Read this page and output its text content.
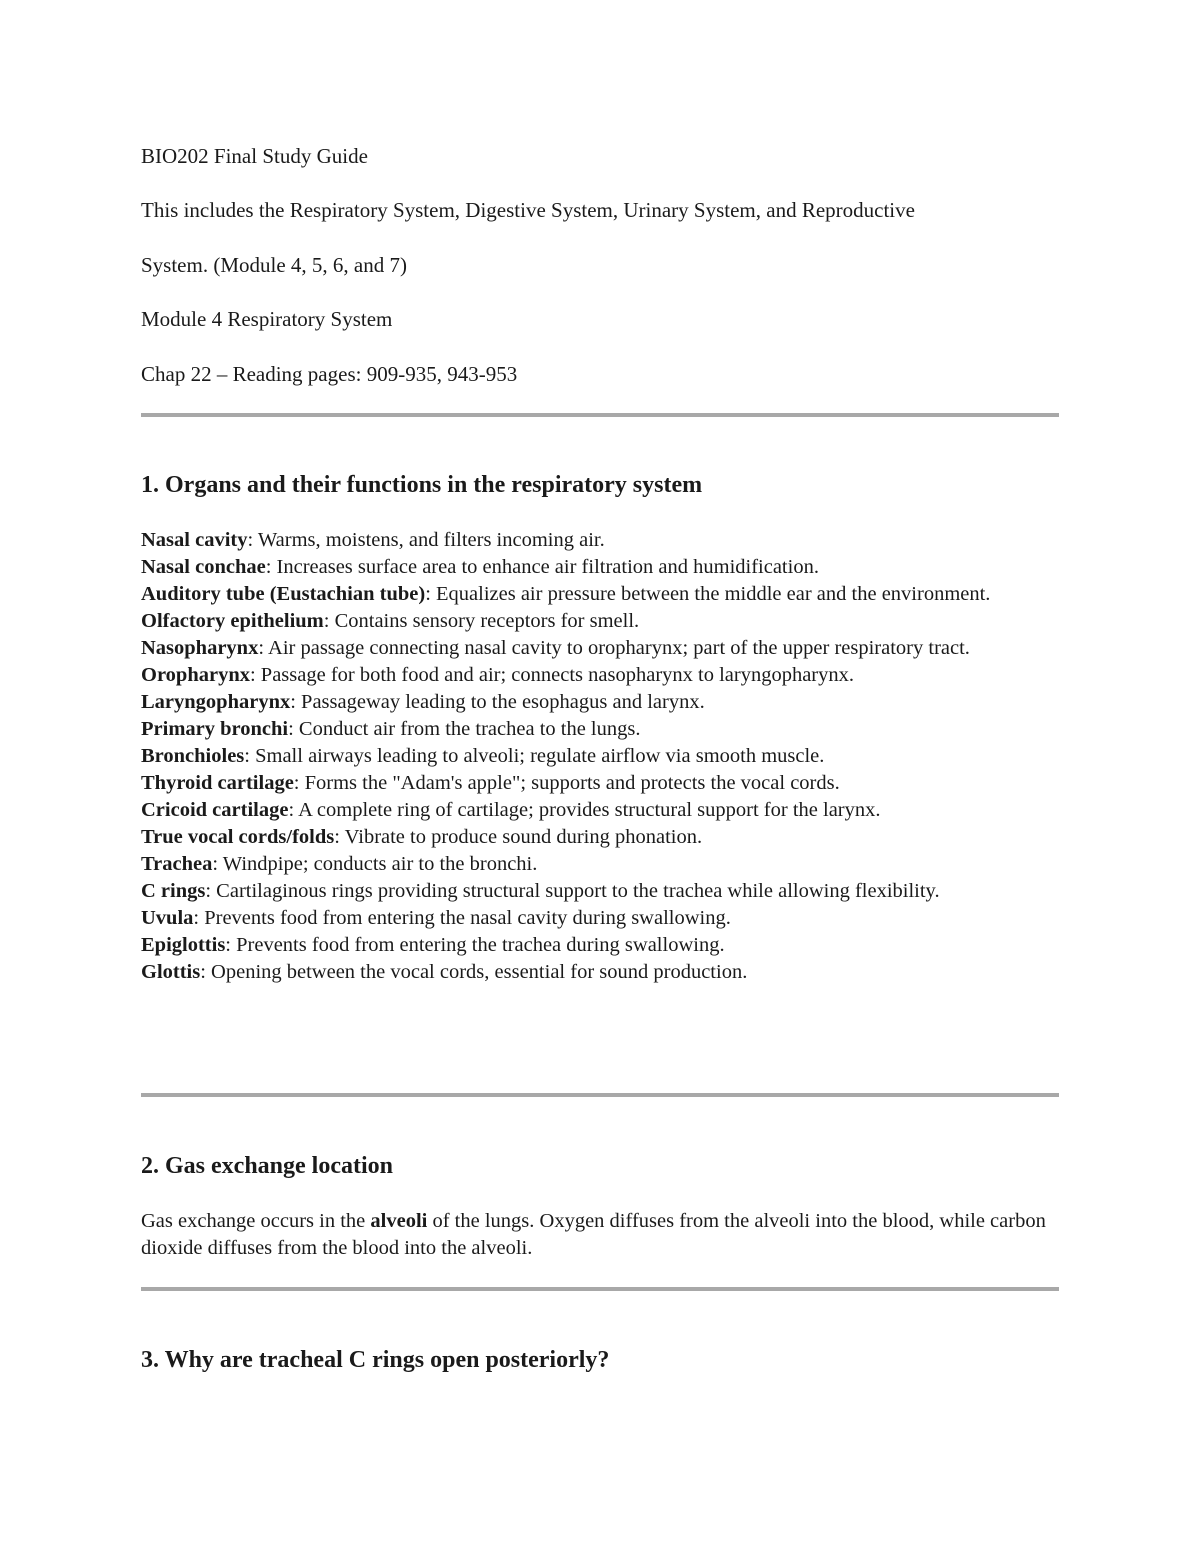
BIO202 Final Study Guide
This includes the Respiratory System, Digestive System, Urinary System, and Reproductive
System. (Module 4, 5, 6, and 7)
Module 4 Respiratory System
Chap 22 – Reading pages: 909-935, 943-953
1. Organs and their functions in the respiratory system
Nasal cavity: Warms, moistens, and filters incoming air.
Nasal conchae: Increases surface area to enhance air filtration and humidification.
Auditory tube (Eustachian tube): Equalizes air pressure between the middle ear and the environment.
Olfactory epithelium: Contains sensory receptors for smell.
Nasopharynx: Air passage connecting nasal cavity to oropharynx; part of the upper respiratory tract.
Oropharynx: Passage for both food and air; connects nasopharynx to laryngopharynx.
Laryngopharynx: Passageway leading to the esophagus and larynx.
Primary bronchi: Conduct air from the trachea to the lungs.
Bronchioles: Small airways leading to alveoli; regulate airflow via smooth muscle.
Thyroid cartilage: Forms the "Adam's apple"; supports and protects the vocal cords.
Cricoid cartilage: A complete ring of cartilage; provides structural support for the larynx.
True vocal cords/folds: Vibrate to produce sound during phonation.
Trachea: Windpipe; conducts air to the bronchi.
C rings: Cartilaginous rings providing structural support to the trachea while allowing flexibility.
Uvula: Prevents food from entering the nasal cavity during swallowing.
Epiglottis: Prevents food from entering the trachea during swallowing.
Glottis: Opening between the vocal cords, essential for sound production.
2. Gas exchange location

Gas exchange occurs in the alveoli of the lungs. Oxygen diffuses from the alveoli into the blood, while carbon dioxide diffuses from the blood into the alveoli.

3. Why are tracheal C rings open posteriorly?
